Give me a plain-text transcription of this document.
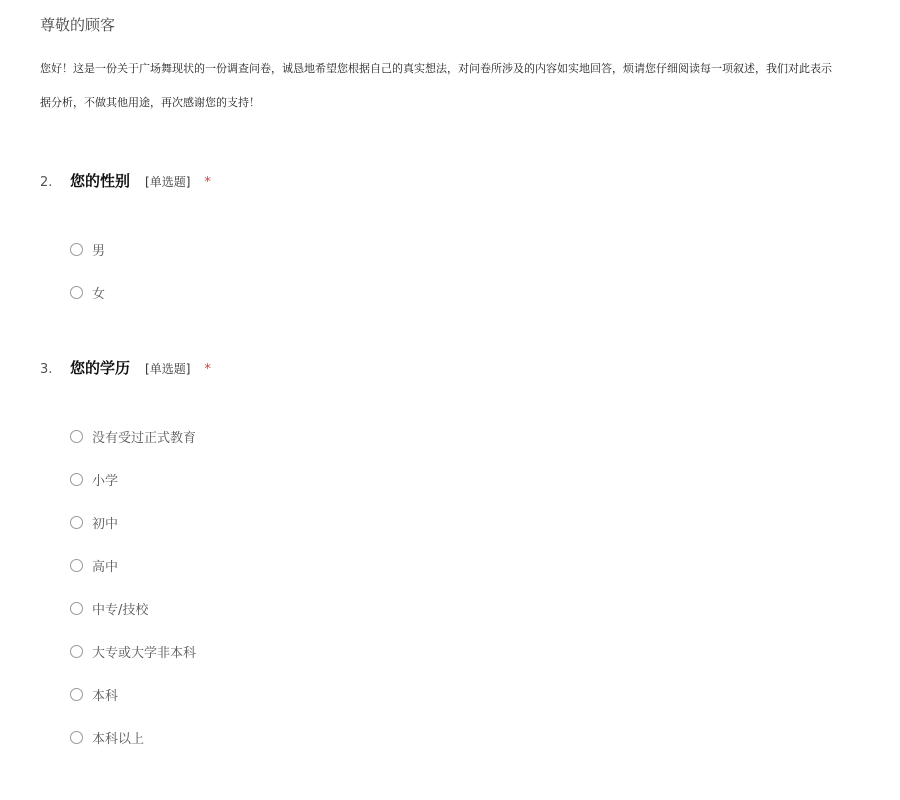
尊敬的顾客
您好！这是一份关于广场舞现状的一份调查问卷，诚恳地希望您根据自己的真实想法，对问卷所涉及的内容如实地回答，烦请您仔细阅读每一项叙述，我们对此表示
据分析，不做其他用途，再次感谢您的支持！
2.	您的性别 [单选题] *
男
女
3.	您的学历 [单选题] *
没有受过正式教育
小学
初中
高中
中专/技校
大专或大学非本科
本科
本科以上
